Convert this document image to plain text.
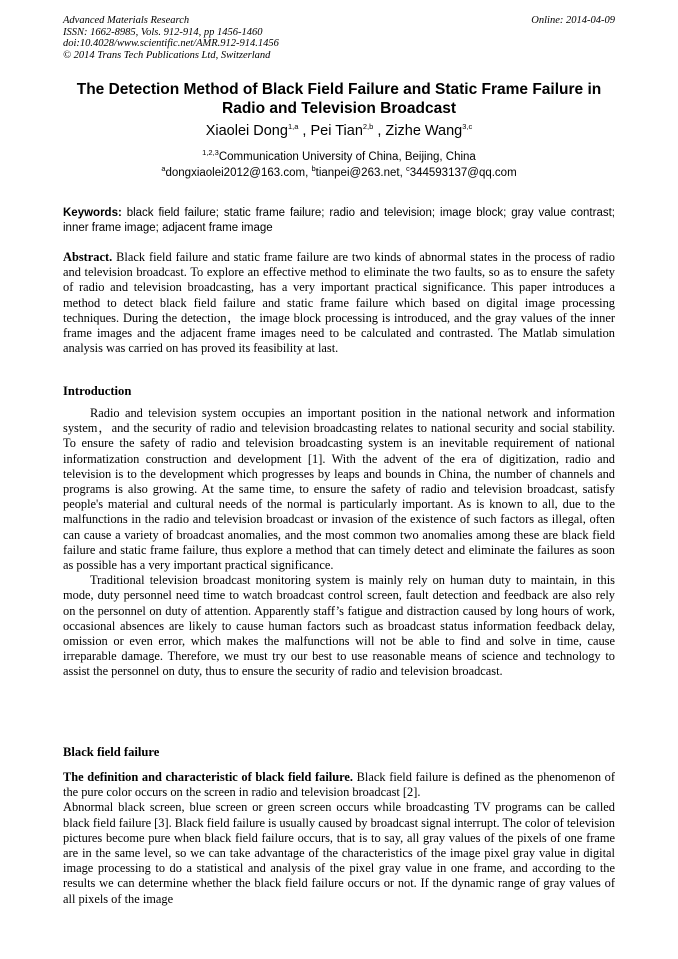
Advanced Materials Research
ISSN: 1662-8985, Vols. 912-914, pp 1456-1460
doi:10.4028/www.scientific.net/AMR.912-914.1456
© 2014 Trans Tech Publications Ltd, Switzerland
Online: 2014-04-09
The Detection Method of Black Field Failure and Static Frame Failure in
Radio and Television Broadcast
Xiaolei Dong$^{1,a}$ , Pei Tian$^{2,b}$ , Zizhe Wang$^{3,c}$
$^{1,2,3}$Communication University of China, Beijing, China
$^a$dongxiaolei2012@163.com, $^b$tianpei@263.net, $^c$344593137@qq.com
Keywords: black field failure; static frame failure; radio and television; image block; gray value contrast; inner frame image; adjacent frame image

Abstract. Black field failure and static frame failure are two kinds of abnormal states in the process of radio and television broadcast. To explore an effective method to eliminate the two faults, so as to ensure the safety of radio and television broadcasting, has a very important practical significance. This paper introduces a method to detect black field failure and static frame failure which based on digital image processing techniques. During the detection，the image block processing is introduced, and the gray values of the inner frame images and the adjacent frame images need to be calculated and contrasted. The Matlab simulation analysis was carried on has proved its feasibility at last.

Introduction

Radio and television system occupies an important position in the national network and information system，and the security of radio and television broadcasting relates to national security and social stability. To ensure the safety of radio and television broadcasting system is an inevitable requirement of national informatization construction and development [1]. With the advent of the era of digitization, radio and television is to the development which progresses by leaps and bounds in China, the number of channels and programs is also growing. At the same time, to ensure the safety of radio and television broadcast, satisfy people's material and cultural needs of the normal is particularly important. As is known to all, due to the malfunctions in the radio and television broadcast or invasion of the existence of such factors as illegal, often can cause a variety of broadcast anomalies, and the most common two anomalies among these are black field failure and static frame failure, thus explore a method that can timely detect and eliminate the failures as soon as possible has a very important practical significance.

Traditional television broadcast monitoring system is mainly rely on human duty to maintain, in this mode, duty personnel need time to watch broadcast control screen, fault detection and feedback are also rely on the personnel on duty of attention. Apparently staff’s fatigue and distraction caused by long hours of work, occasional absences are likely to cause human factors such as broadcast status information feedback delay, omission or even error, which makes the malfunctions will not be able to find and solve in time, cause irreparable damage. Therefore, we must try our best to use reasonable means of science and technology to assist the personnel on duty, thus to ensure the security of radio and television broadcast.

Black field failure

The definition and characteristic of black field failure. Black field failure is defined as the phenomenon of the pure color occurs on the screen in radio and television broadcast [2].

Abnormal black screen, blue screen or green screen occurs while broadcasting TV programs can be called black field failure [3]. Black field failure is usually caused by broadcast signal interrupt. The color of television pictures become pure when black field failure occurs, that is to say, all gray values of the pixels of one frame are in the same level, so we can take advantage of the characteristics of the image pixel gray value in digital image processing to do a statistical and analysis of the pixel gray value in one frame, and according to the results we can determine whether the black field failure occurs or not. If the dynamic range of gray values of all pixels of the image
